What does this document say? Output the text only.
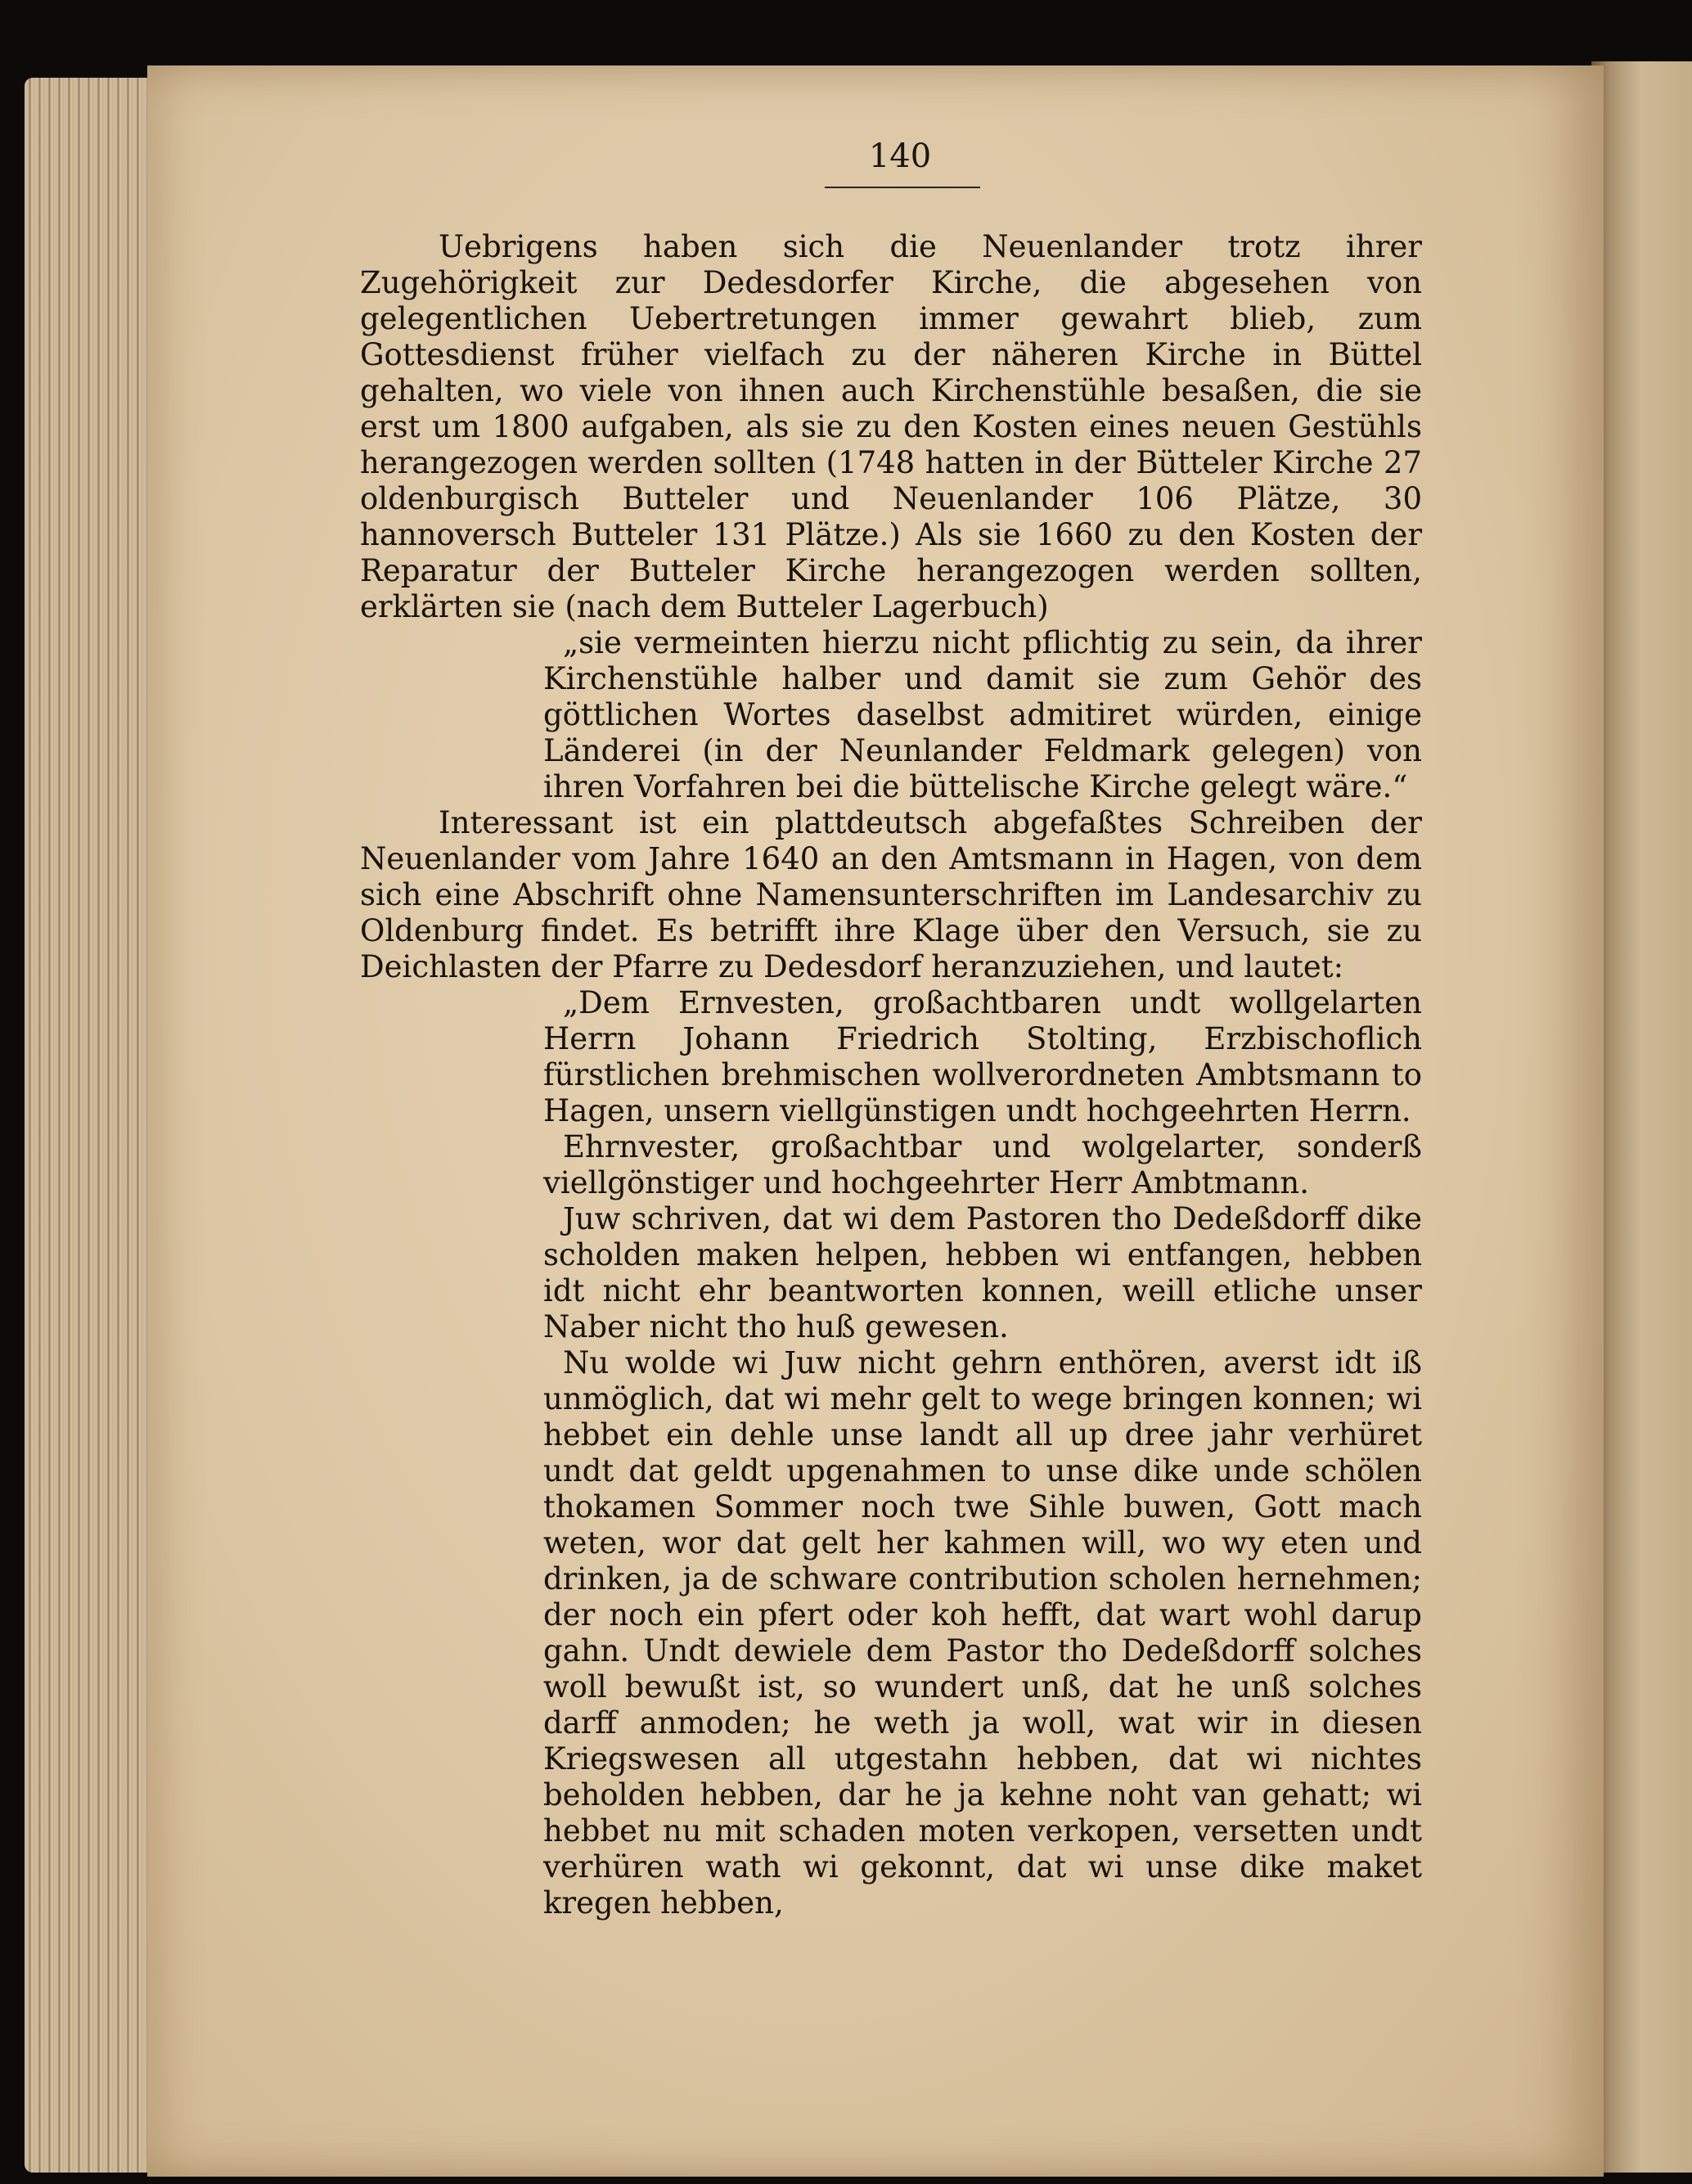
140

Uebrigens haben sich die Neuenlander trotz ihrer Zugehörigkeit zur Dedesdorfer Kirche, die abgesehen von gelegentlichen Uebertretungen immer gewahrt blieb, zum Gottesdienst früher vielfach zu der näheren Kirche in Büttel gehalten, wo viele von ihnen auch Kirchenstühle besaßen, die sie erst um 1800 aufgaben, als sie zu den Kosten eines neuen Gestühls herangezogen werden sollten (1748 hatten in der Bütteler Kirche 27 oldenburgisch Butteler und Neuenlander 106 Plätze, 30 hannoversch Butteler 131 Plätze.) Als sie 1660 zu den Kosten der Reparatur der Butteler Kirche herangezogen werden sollten, erklärten sie (nach dem Butteler Lagerbuch)

„sie vermeinten hierzu nicht pflichtig zu sein, da ihrer Kirchenstühle halber und damit sie zum Gehör des göttlichen Wortes daselbst admitiret würden, einige Länderei (in der Neunlander Feldmark gelegen) von ihren Vorfahren bei die büttelische Kirche gelegt wäre.“

Interessant ist ein plattdeutsch abgefaßtes Schreiben der Neuenlander vom Jahre 1640 an den Amtsmann in Hagen, von dem sich eine Abschrift ohne Namensunterschriften im Landesarchiv zu Oldenburg findet. Es betrifft ihre Klage über den Versuch, sie zu Deichlasten der Pfarre zu Dedesdorf heranzuziehen, und lautet:

„Dem Ernvesten, großachtbaren undt wollgelarten Herrn Johann Friedrich Stolting, Erzbischoflich fürstlichen brehmischen wollverordneten Ambtsmann to Hagen, unsern viellgünstigen undt hochgeehrten Herrn.

Ehrnvester, großachtbar und wolgelarter, sonderß viellgönstiger und hochgeehrter Herr Ambtmann.

Juw schriven, dat wi dem Pastoren tho Dedeßdorff dike scholden maken helpen, hebben wi entfangen, hebben idt nicht ehr beantworten konnen, weill etliche unser Naber nicht tho huß gewesen.

Nu wolde wi Juw nicht gehrn enthören, averst idt iß unmöglich, dat wi mehr gelt to wege bringen konnen; wi hebbet ein dehle unse landt all up dree jahr verhüret undt dat geldt upgenahmen to unse dike unde schölen thokamen Sommer noch twe Sihle buwen, Gott mach weten, wor dat gelt her kahmen will, wo wy eten und drinken, ja de schware contribution scholen hernehmen; der noch ein pfert oder koh hefft, dat wart wohl darup gahn. Undt dewiele dem Pastor tho Dedeßdorff solches woll bewußt ist, so wundert unß, dat he unß solches darff anmoden; he weth ja woll, wat wir in diesen Kriegswesen all utgestahn hebben, dat wi nichtes beholden hebben, dar he ja kehne noht van gehatt; wi hebbet nu mit schaden moten verkopen, versetten undt verhüren wath wi gekonnt, dat wi unse dike maket kregen hebben,
